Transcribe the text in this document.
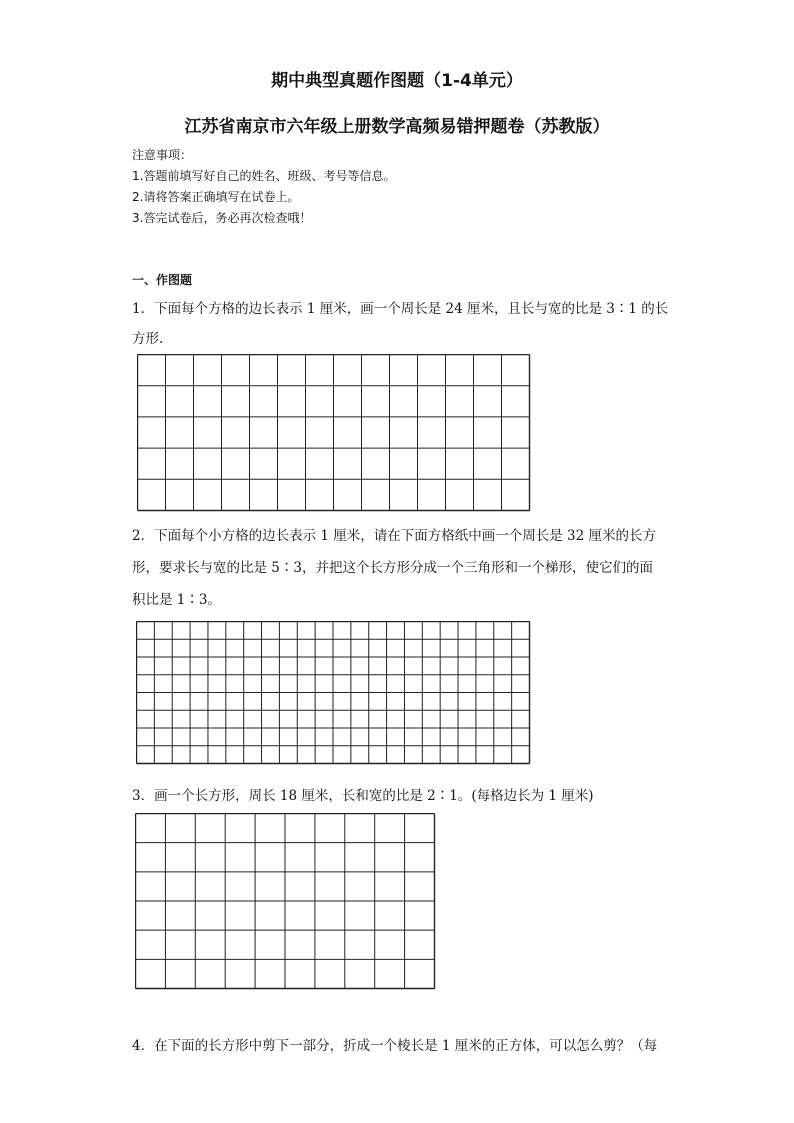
期中典型真题作图题（1-4单元）
江苏省南京市六年级上册数学高频易错押题卷（苏教版）
注意事项：
1.答题前填写好自己的姓名、班级、考号等信息。
2.请将答案正确填写在试卷上。
3.答完试卷后，务必再次检查哦！
一、作图题
1．下面每个方格的边长表示 1 厘米，画一个周长是 24 厘米，且长与宽的比是 3∶1 的长
方形.
2．下面每个小方格的边长表示 1 厘米，请在下面方格纸中画一个周长是 32 厘米的长方
形，要求长与宽的比是 5∶3，并把这个长方形分成一个三角形和一个梯形，使它们的面
积比是 1∶3。
3．画一个长方形，周长 18 厘米，长和宽的比是 2∶1。(每格边长为 1 厘米)
4．在下面的长方形中剪下一部分，折成一个棱长是 1 厘米的正方体，可以怎么剪？（每
